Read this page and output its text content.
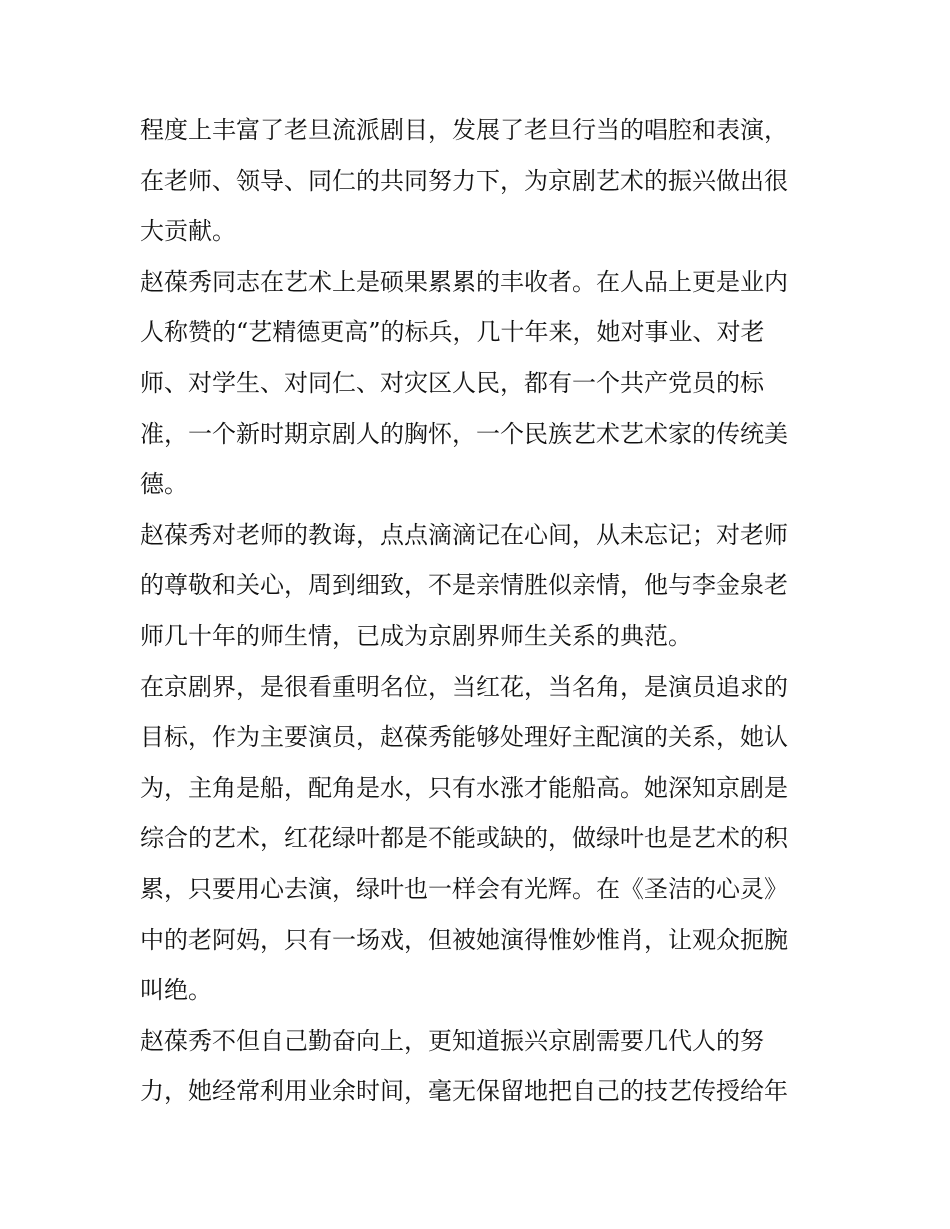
程度上丰富了老旦流派剧目，发展了老旦行当的唱腔和表演，
在老师、领导、同仁的共同努力下，为京剧艺术的振兴做出很
大贡献。
赵葆秀同志在艺术上是硕果累累的丰收者。在人品上更是业内
人称赞的“艺精德更高”的标兵，几十年来，她对事业、对老
师、对学生、对同仁、对灾区人民，都有一个共产党员的标
准，一个新时期京剧人的胸怀，一个民族艺术艺术家的传统美
德。
赵葆秀对老师的教诲，点点滴滴记在心间，从未忘记；对老师
的尊敬和关心，周到细致，不是亲情胜似亲情，他与李金泉老
师几十年的师生情，已成为京剧界师生关系的典范。
在京剧界，是很看重明名位，当红花，当名角，是演员追求的
目标，作为主要演员，赵葆秀能够处理好主配演的关系，她认
为，主角是船，配角是水，只有水涨才能船高。她深知京剧是
综合的艺术，红花绿叶都是不能或缺的，做绿叶也是艺术的积
累，只要用心去演，绿叶也一样会有光辉。在《圣洁的心灵》
中的老阿妈，只有一场戏，但被她演得惟妙惟肖，让观众扼腕
叫绝。
赵葆秀不但自己勤奋向上，更知道振兴京剧需要几代人的努
力，她经常利用业余时间，毫无保留地把自己的技艺传授给年
